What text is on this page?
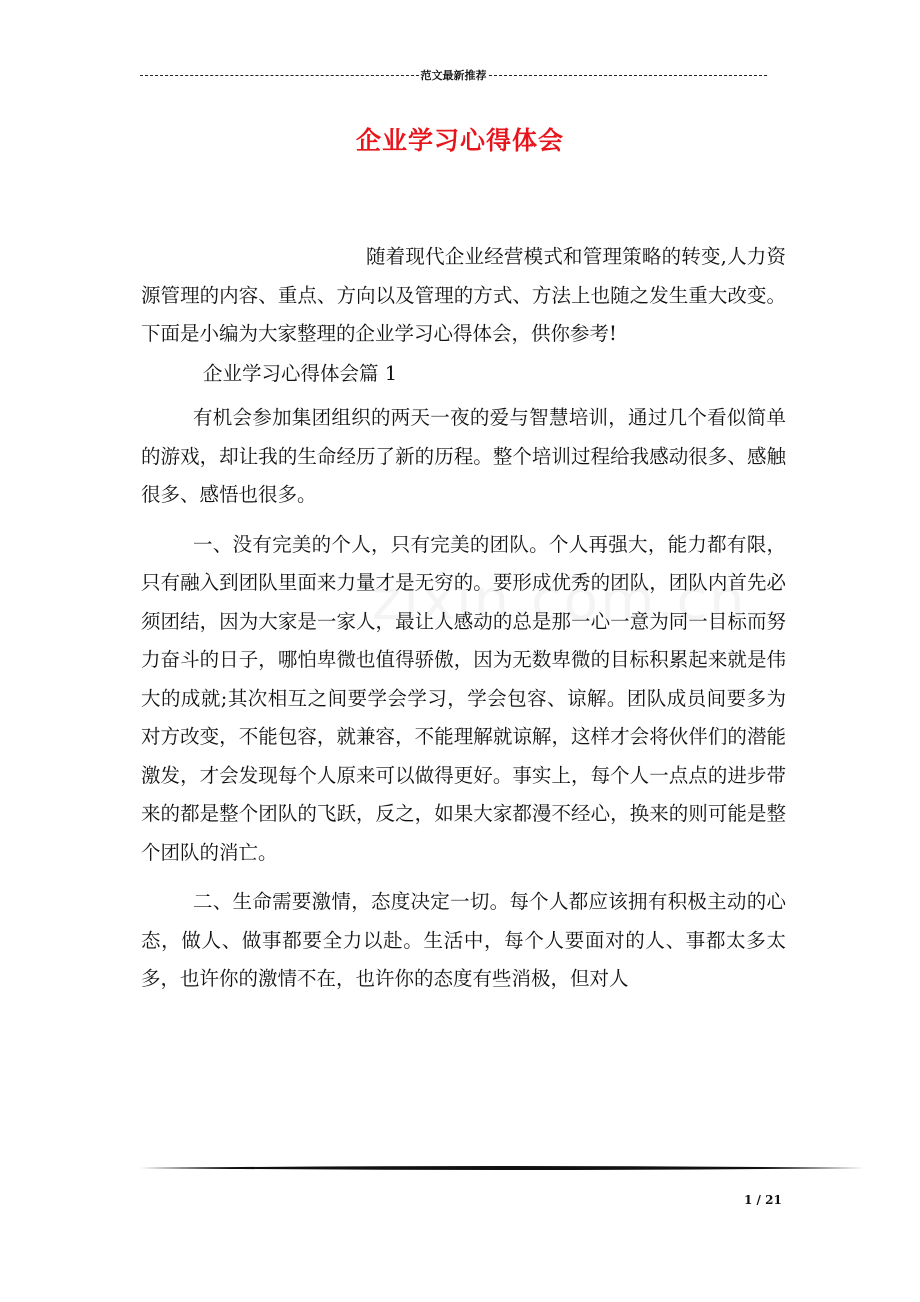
范文最新推荐
企业学习心得体会

随着现代企业经营模式和管理策略的转变,人力资源管理的内容、重点、方向以及管理的方式、方法上也随之发生重大改变。下面是小编为大家整理的企业学习心得体会，供你参考!

企业学习心得体会篇 1

有机会参加集团组织的两天一夜的爱与智慧培训，通过几个看似简单的游戏，却让我的生命经历了新的历程。整个培训过程给我感动很多、感触很多、感悟也很多。

一、没有完美的个人，只有完美的团队。个人再强大，能力都有限，只有融入到团队里面来力量才是无穷的。要形成优秀的团队，团队内首先必须团结，因为大家是一家人，最让人感动的总是那一心一意为同一目标而努力奋斗的日子，哪怕卑微也值得骄傲，因为无数卑微的目标积累起来就是伟大的成就;其次相互之间要学会学习，学会包容、谅解。团队成员间要多为对方改变，不能包容，就兼容，不能理解就谅解，这样才会将伙伴们的潜能激发，才会发现每个人原来可以做得更好。事实上，每个人一点点的进步带来的都是整个团队的飞跃，反之，如果大家都漫不经心，换来的则可能是整个团队的消亡。

二、生命需要激情，态度决定一切。每个人都应该拥有积极主动的心态，做人、做事都要全力以赴。生活中，每个人要面对的人、事都太多太多，也许你的激情不在，也许你的态度有些消极，但对人

1 / 21
